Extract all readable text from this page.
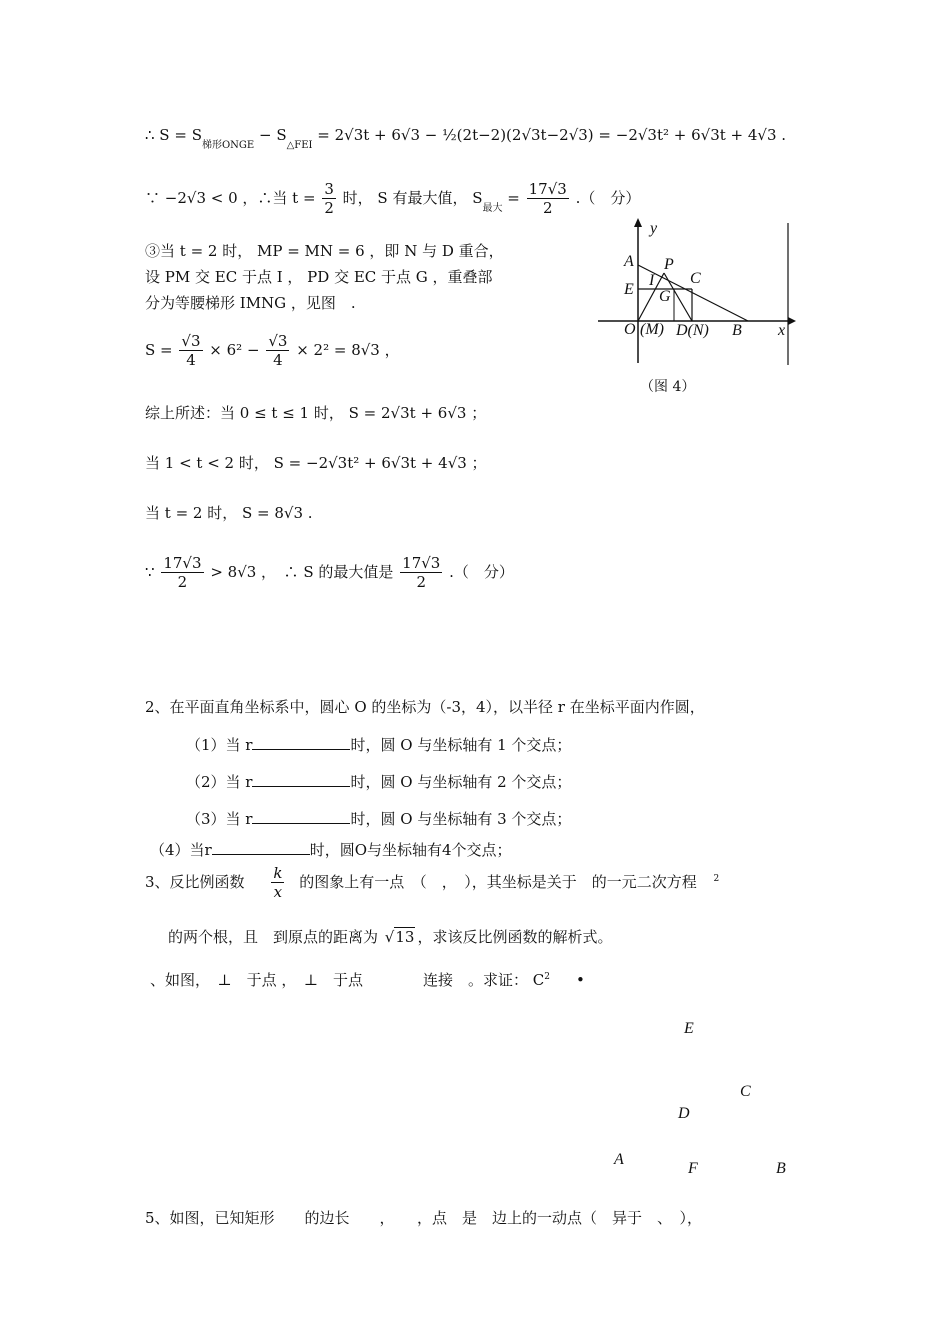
∴ $S = S_{梯形ONGE} - S_{\triangle FEI} = 2√3t + 6√3$ − ½(2t−2)(2√3t−2√3) = −2√3t² + 6√3t + 4√3 .
∵ −2√3 < 0 ，∴当 $t = \frac{3}{2}$ 时， S 有最大值， $S_{最大} = \frac{17√3}{2}$ .（　分）
③当 t = 2 时， MP = MN = 6 ，即 N 与 D 重合，
设 PM 交 EC 于点 I ， PD 交 EC 于点 G ，重叠部
分为等腰梯形 IMNG ，见图　.
$S = \frac{√3}{4} \times 6^2 - \frac{√3}{4} \times 2^2 = 8√3$ ，
综上所述：当 0 ≤ t ≤ 1 时， S = 2√3t + 6√3 ；
当 1 < t < 2 时， S = −2√3t² + 6√3t + 4√3 ；
当 t = 2 时， S = 8√3 .
∵ $\frac{17√3}{2} > 8√3$ ，　∴ S 的最大值是 $\frac{17√3}{2}$ .（　分）
y
A P
I C
E G
O (M) D(N) B x
（图 4）
2、在平面直角坐标系中，圆心 O 的坐标为（-3，4），以半径 r 在坐标平面内作圆，
（1）当 r	时，圆 O 与坐标轴有 1 个交点；
（2）当 r	时，圆 O 与坐标轴有 2 个交点；
（3）当 r	时，圆 O 与坐标轴有 3 个交点；
（4）当r	时，圆O与坐标轴有4个交点；
3、反比例函数 $\frac{k}{x}$ 的图象上有一点　（　，　），其坐标是关于　的一元二次方程 $^2$
的两个根，且　到原点的距离为 √13 ，求该反比例函数的解析式。
、如图，　⊥　于点 ，　⊥　于点　　　　连接　。求证： $C^2$ •
E
C
D
A
F	B
5、如图，已知矩形　　的边长　　，　　，点　是　边上的一动点（　异于　、　），
